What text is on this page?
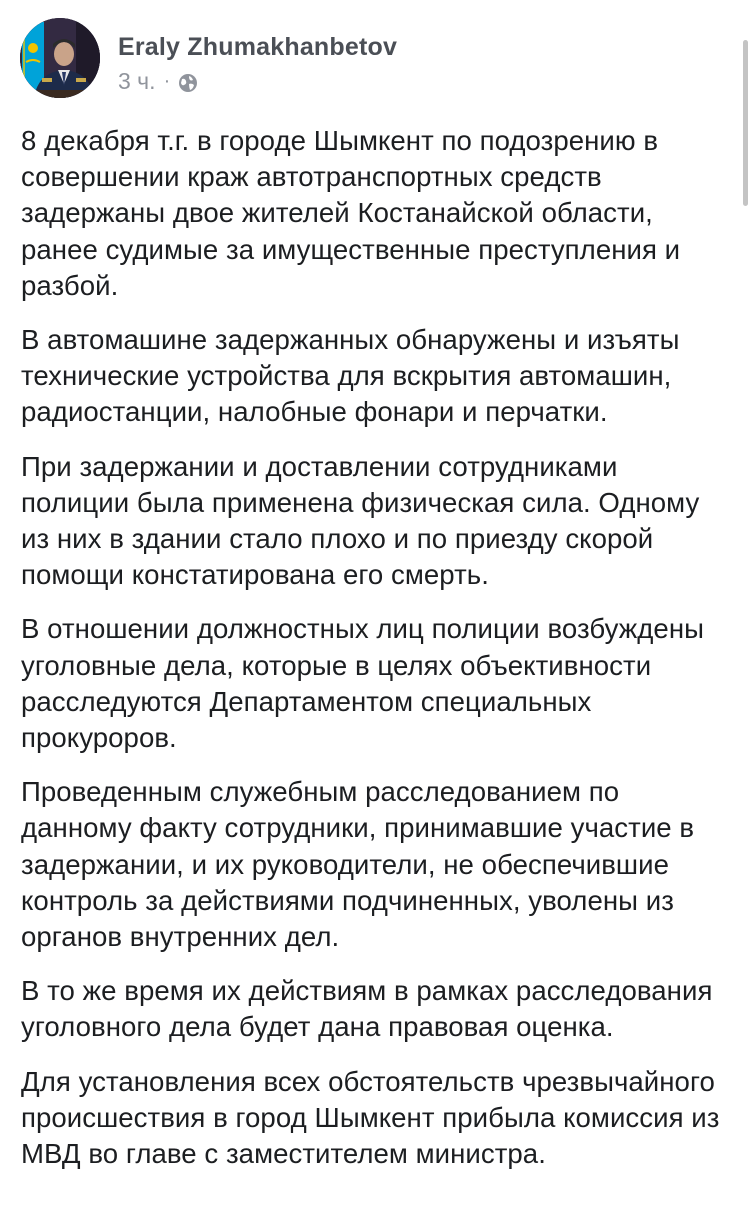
Eraly Zhumakhanbetov
3 ч. ·

8 декабря т.г. в городе Шымкент по подозрению в совершении краж автотранспортных средств задержаны двое жителей Костанайской области, ранее судимые за имущественные преступления и разбой.

В автомашине задержанных обнаружены и изъяты технические устройства для вскрытия автомашин, радиостанции, налобные фонари и перчатки.

При задержании и доставлении сотрудниками полиции была применена физическая сила. Одному из них в здании стало плохо и по приезду скорой помощи констатирована его смерть.

В отношении должностных лиц полиции возбуждены уголовные дела, которые в целях объективности расследуются Департаментом специальных прокуроров.

Проведенным служебным расследованием по данному факту сотрудники, принимавшие участие в задержании, и их руководители, не обеспечившие контроль за действиями подчиненных, уволены из органов внутренних дел.

В то же время их действиям в рамках расследования уголовного дела будет дана правовая оценка.

Для установления всех обстоятельств чрезвычайного происшествия в город Шымкент прибыла комиссия из МВД во главе с заместителем министра.
